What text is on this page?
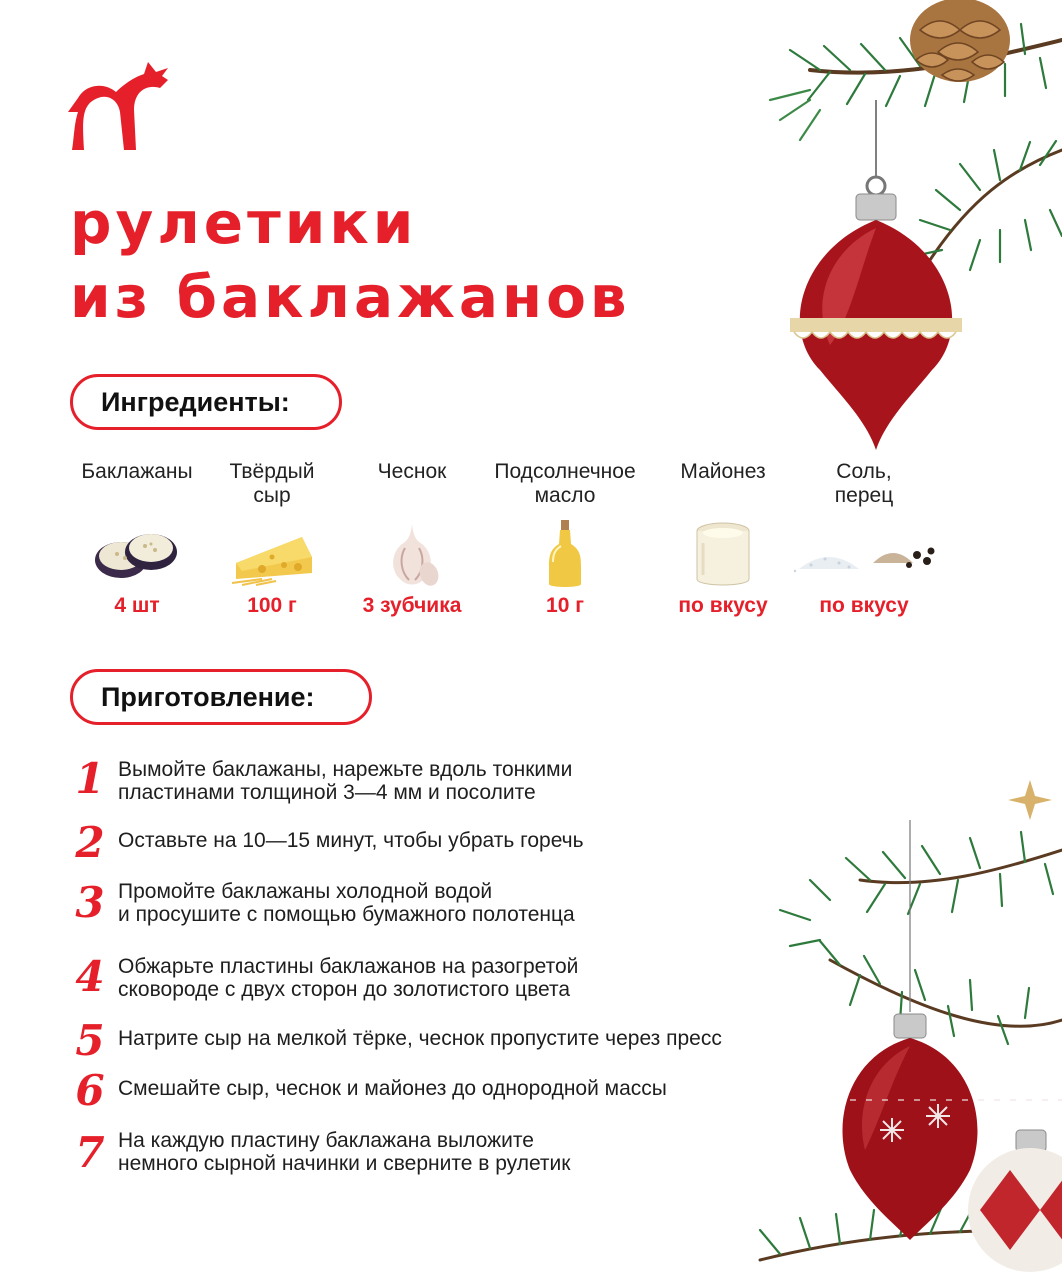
рулетики
из баклажанов
Ингредиенты:
Баклажаны
4 шт
Твёрдый
сыр
100 г
Чеснок
3 зубчика
Подсолнечное
масло
10 г
Майонез
по вкусу
Соль,
перец
по вкусу
Приготовление:
1 Вымойте баклажаны, нарежьте вдоль тонкими
пластинами толщиной 3—4 мм и посолите
2 Оставьте на 10—15 минут, чтобы убрать горечь
3 Промойте баклажаны холодной водой
и просушите с помощью бумажного полотенца
4 Обжарьте пластины баклажанов на разогретой
сковороде с двух сторон до золотистого цвета
5 Натрите сыр на мелкой тёрке, чеснок пропустите через пресс
6 Смешайте сыр, чеснок и майонез до однородной массы
7 На каждую пластину баклажана выложите
немного сырной начинки и сверните в рулетик
